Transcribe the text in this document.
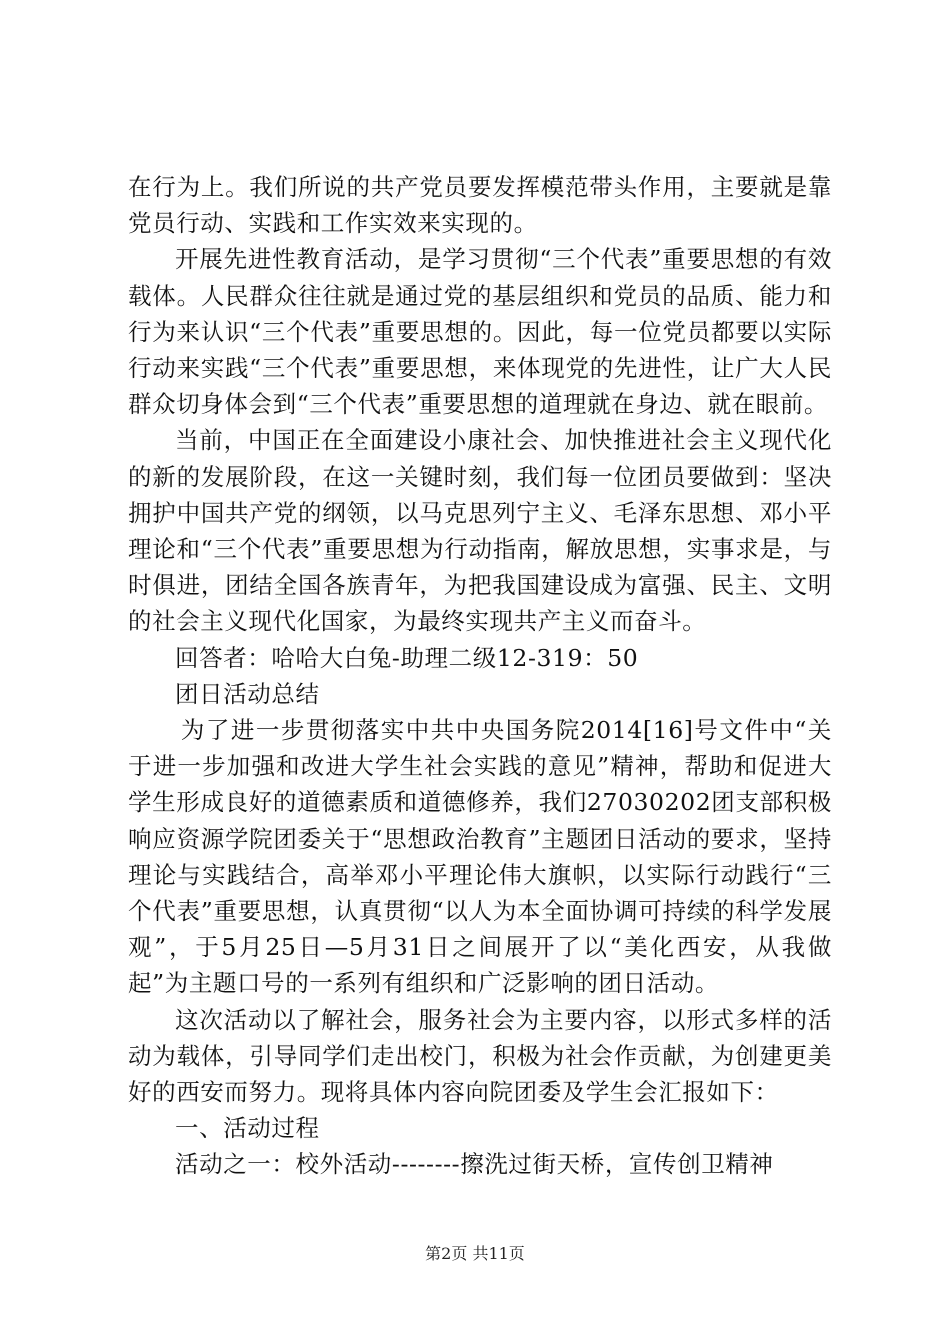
在行为上。我们所说的共产党员要发挥模范带头作用，主要就是靠党员行动、实践和工作实效来实现的。

开展先进性教育活动，是学习贯彻“三个代表”重要思想的有效载体。人民群众往往就是通过党的基层组织和党员的品质、能力和行为来认识“三个代表”重要思想的。因此，每一位党员都要以实际行动来实践“三个代表”重要思想，来体现党的先进性，让广大人民群众切身体会到“三个代表”重要思想的道理就在身边、就在眼前。

当前，中国正在全面建设小康社会、加快推进社会主义现代化的新的发展阶段，在这一关键时刻，我们每一位团员要做到：坚决拥护中国共产党的纲领，以马克思列宁主义、毛泽东思想、邓小平理论和“三个代表”重要思想为行动指南，解放思想，实事求是，与时俱进，团结全国各族青年，为把我国建设成为富强、民主、文明的社会主义现代化国家，为最终实现共产主义而奋斗。

回答者：哈哈大白兔-助理二级12-319：50

团日活动总结

为了进一步贯彻落实中共中央国务院2014[16]号文件中“关于进一步加强和改进大学生社会实践的意见”精神，帮助和促进大学生形成良好的道德素质和道德修养，我们27030202团支部积极响应资源学院团委关于“思想政治教育”主题团日活动的要求，坚持理论与实践结合，高举邓小平理论伟大旗帜，以实际行动践行“三个代表”重要思想，认真贯彻“以人为本全面协调可持续的科学发展观”，于5月25日—5月31日之间展开了以“美化西安，从我做起”为主题口号的一系列有组织和广泛影响的团日活动。

这次活动以了解社会，服务社会为主要内容，以形式多样的活动为载体，引导同学们走出校门，积极为社会作贡献，为创建更美好的西安而努力。现将具体内容向院团委及学生会汇报如下：

一、活动过程

活动之一：校外活动--------擦洗过街天桥，宣传创卫精神

第2页 共11页
